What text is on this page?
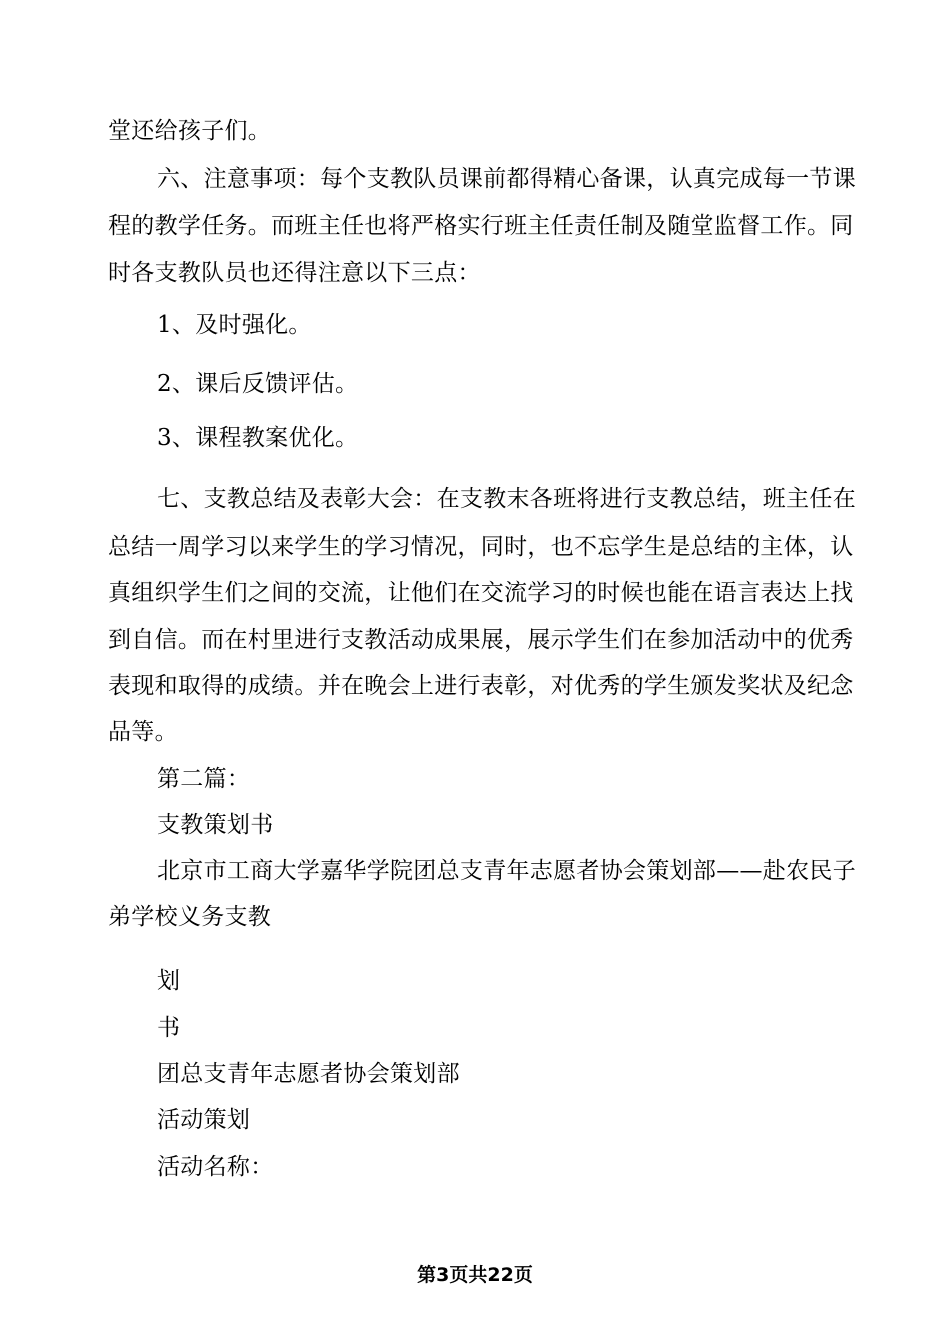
堂还给孩子们。
六、注意事项：每个支教队员课前都得精心备课，认真完成每一节课
程的教学任务。而班主任也将严格实行班主任责任制及随堂监督工作。同
时各支教队员也还得注意以下三点：
1、及时强化。
2、课后反馈评估。
3、课程教案优化。
七、支教总结及表彰大会：在支教末各班将进行支教总结，班主任在
总结一周学习以来学生的学习情况，同时，也不忘学生是总结的主体，认
真组织学生们之间的交流，让他们在交流学习的时候也能在语言表达上找
到自信。而在村里进行支教活动成果展，展示学生们在参加活动中的优秀
表现和取得的成绩。并在晚会上进行表彰，对优秀的学生颁发奖状及纪念
品等。
第二篇：
支教策划书
北京市工商大学嘉华学院团总支青年志愿者协会策划部——赴农民子
弟学校义务支教
划
书
团总支青年志愿者协会策划部
活动策划
活动名称：
第3页共22页
